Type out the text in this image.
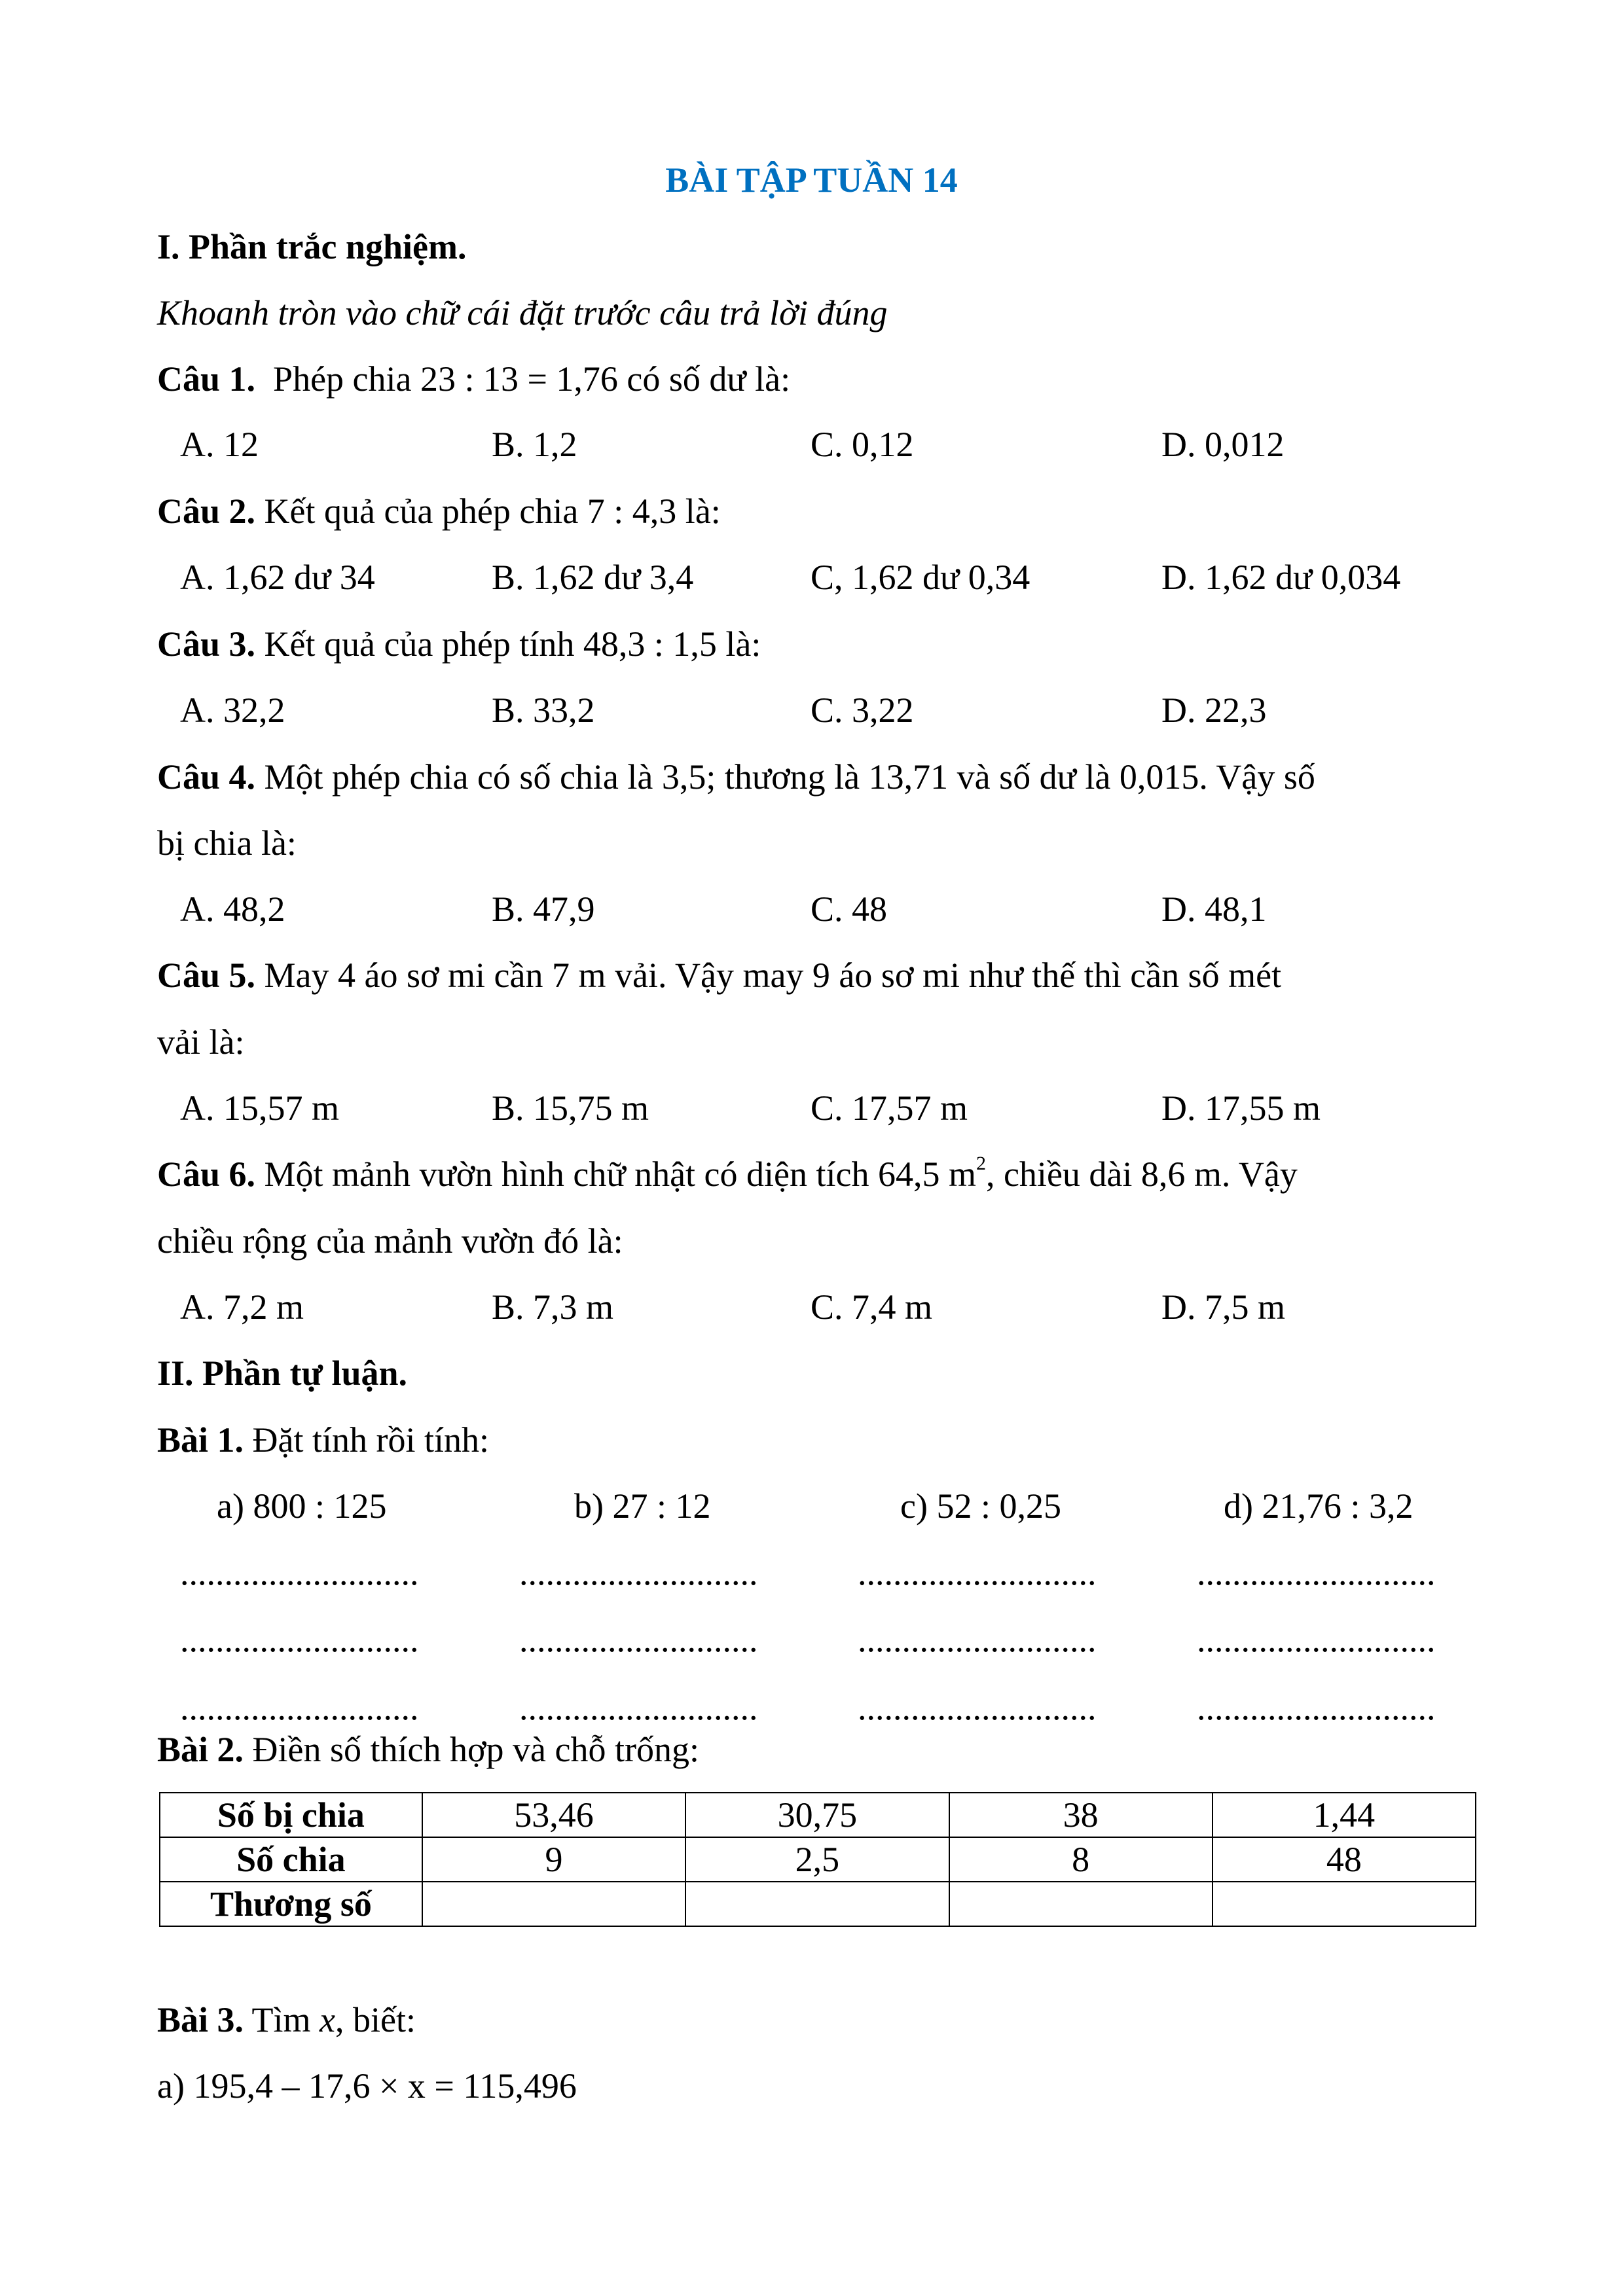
BÀI TẬP TUẦN 14
I. Phần trắc nghiệm.
Khoanh tròn vào chữ cái đặt trước câu trả lời đúng
Câu 1.  Phép chia 23 : 13 = 1,76 có số dư là:
A. 12	B. 1,2	C. 0,12	D. 0,012
Câu 2. Kết quả của phép chia 7 : 4,3 là:
A. 1,62 dư 34	B. 1,62 dư 3,4	C, 1,62 dư 0,34	D. 1,62 dư 0,034
Câu 3. Kết quả của phép tính 48,3 : 1,5 là:
A. 32,2	B. 33,2	C. 3,22	D. 22,3
Câu 4. Một phép chia có số chia là 3,5; thương là 13,71 và số dư là 0,015. Vậy số
bị chia là:
A. 48,2	B. 47,9	C. 48	D. 48,1
Câu 5. May 4 áo sơ mi cần 7 m vải. Vậy may 9 áo sơ mi như thế thì cần số mét
vải là:
A. 15,57 m	B. 15,75 m	C. 17,57 m	D. 17,55 m
Câu 6. Một mảnh vườn hình chữ nhật có diện tích 64,5 $m^2$, chiều dài 8,6 m. Vậy
chiều rộng của mảnh vườn đó là:
A. 7,2 m	B. 7,3 m	C. 7,4 m	D. 7,5 m
II. Phần tự luận.
Bài 1. Đặt tính rồi tính:
a) 800 : 125	b) 27 : 12	c) 52 : 0,25	d) 21,76 : 3,2
...........................	...........................	...........................	...........................
...........................	...........................	...........................	...........................
...........................	...........................	...........................	...........................
Bài 2. Điền số thích hợp và chỗ trống:
Số bị chia	53,46	30,75	38	1,44
Số chia	9	2,5	8	48
Thương số				
Bài 3. Tìm x, biết:
a) 195,4 – 17,6 × x = 115,496
